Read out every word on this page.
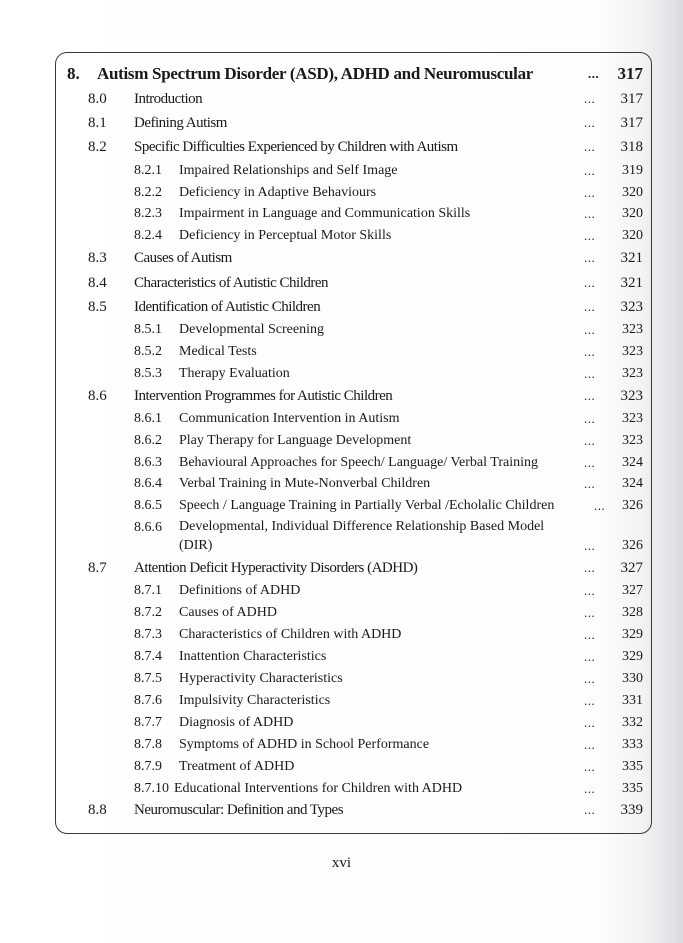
8. Autism Spectrum Disorder (ASD), ADHD and Neuromuscular	... 317
8.0 Introduction	... 317
8.1 Defining Autism	... 317
8.2 Specific Difficulties Experienced by Children with Autism	... 318
8.2.1 Impaired Relationships and Self Image	... 319
8.2.2 Deficiency in Adaptive Behaviours	... 320
8.2.3 Impairment in Language and Communication Skills	... 320
8.2.4 Deficiency in Perceptual Motor Skills	... 320
8.3 Causes of Autism	... 321
8.4 Characteristics of Autistic Children	... 321
8.5 Identification of Autistic Children	... 323
8.5.1 Developmental Screening	... 323
8.5.2 Medical Tests	... 323
8.5.3 Therapy Evaluation	... 323
8.6 Intervention Programmes for Autistic Children	... 323
8.6.1 Communication Intervention in Autism	... 323
8.6.2 Play Therapy for Language Development	... 323
8.6.3 Behavioural Approaches for Speech/ Language/ Verbal Training	... 324
8.6.4 Verbal Training in Mute-Nonverbal Children	... 324
8.6.5 Speech / Language Training in Partially Verbal /Echolalic Children	... 326
8.6.6 Developmental, Individual Difference Relationship Based Model (DIR)	... 326
8.7 Attention Deficit Hyperactivity Disorders (ADHD)	... 327
8.7.1 Definitions of ADHD	... 327
8.7.2 Causes of ADHD	... 328
8.7.3 Characteristics of Children with ADHD	... 329
8.7.4 Inattention Characteristics	... 329
8.7.5 Hyperactivity Characteristics	... 330
8.7.6 Impulsivity Characteristics	... 331
8.7.7 Diagnosis of ADHD	... 332
8.7.8 Symptoms of ADHD in School Performance	... 333
8.7.9 Treatment of ADHD	... 335
8.7.10 Educational Interventions for Children with ADHD	... 335
8.8 Neuromuscular: Definition and Types	... 339
xvi
